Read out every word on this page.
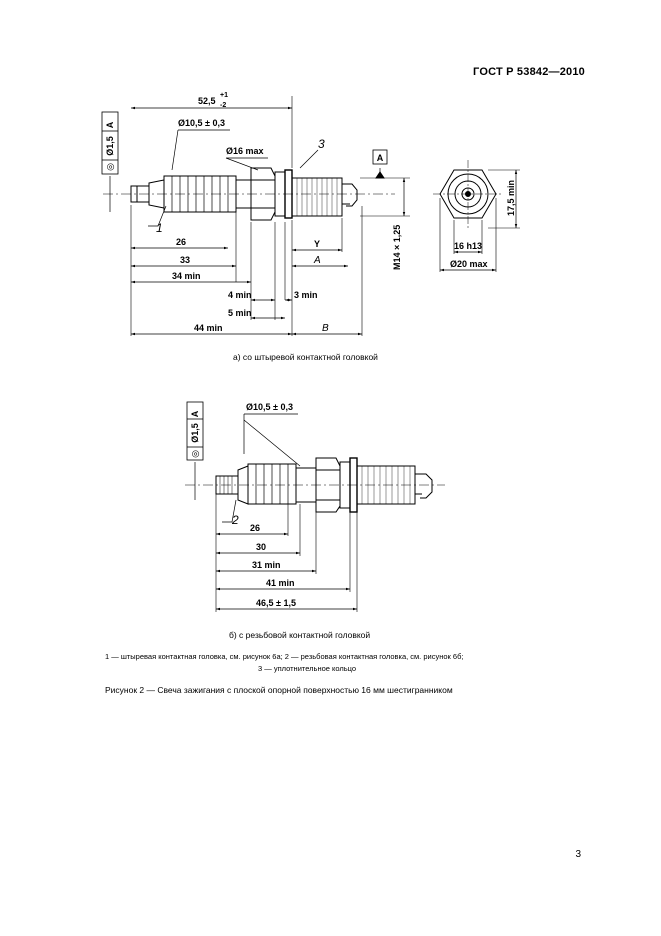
ГОСТ Р 53842—2010
A
Ø1,5
◎
A
52,5
+1
-2
Ø10,5 ± 0,3
Ø16 max
26
33
34 min
4 min
5 min
3 min
44 min
Y
A
B
M14 × 1,25	16 h13
Ø20 max
17,5 min
1
3
A
Ø1,5
◎
Ø10,5 ± 0,3
26
30
31 min
41 min
46,5 ± 1,5
2
а) со штыревой контактной головкой
б) с резьбовой контактной головкой
1 — штыревая контактная головка, см. рисунок 6а; 2 — резьбовая контактная головка, см. рисунок 6б;
3 — уплотнительное кольцо
Рисунок 2 — Свеча зажигания с плоской опорной поверхностью 16 мм шестигранником
3
